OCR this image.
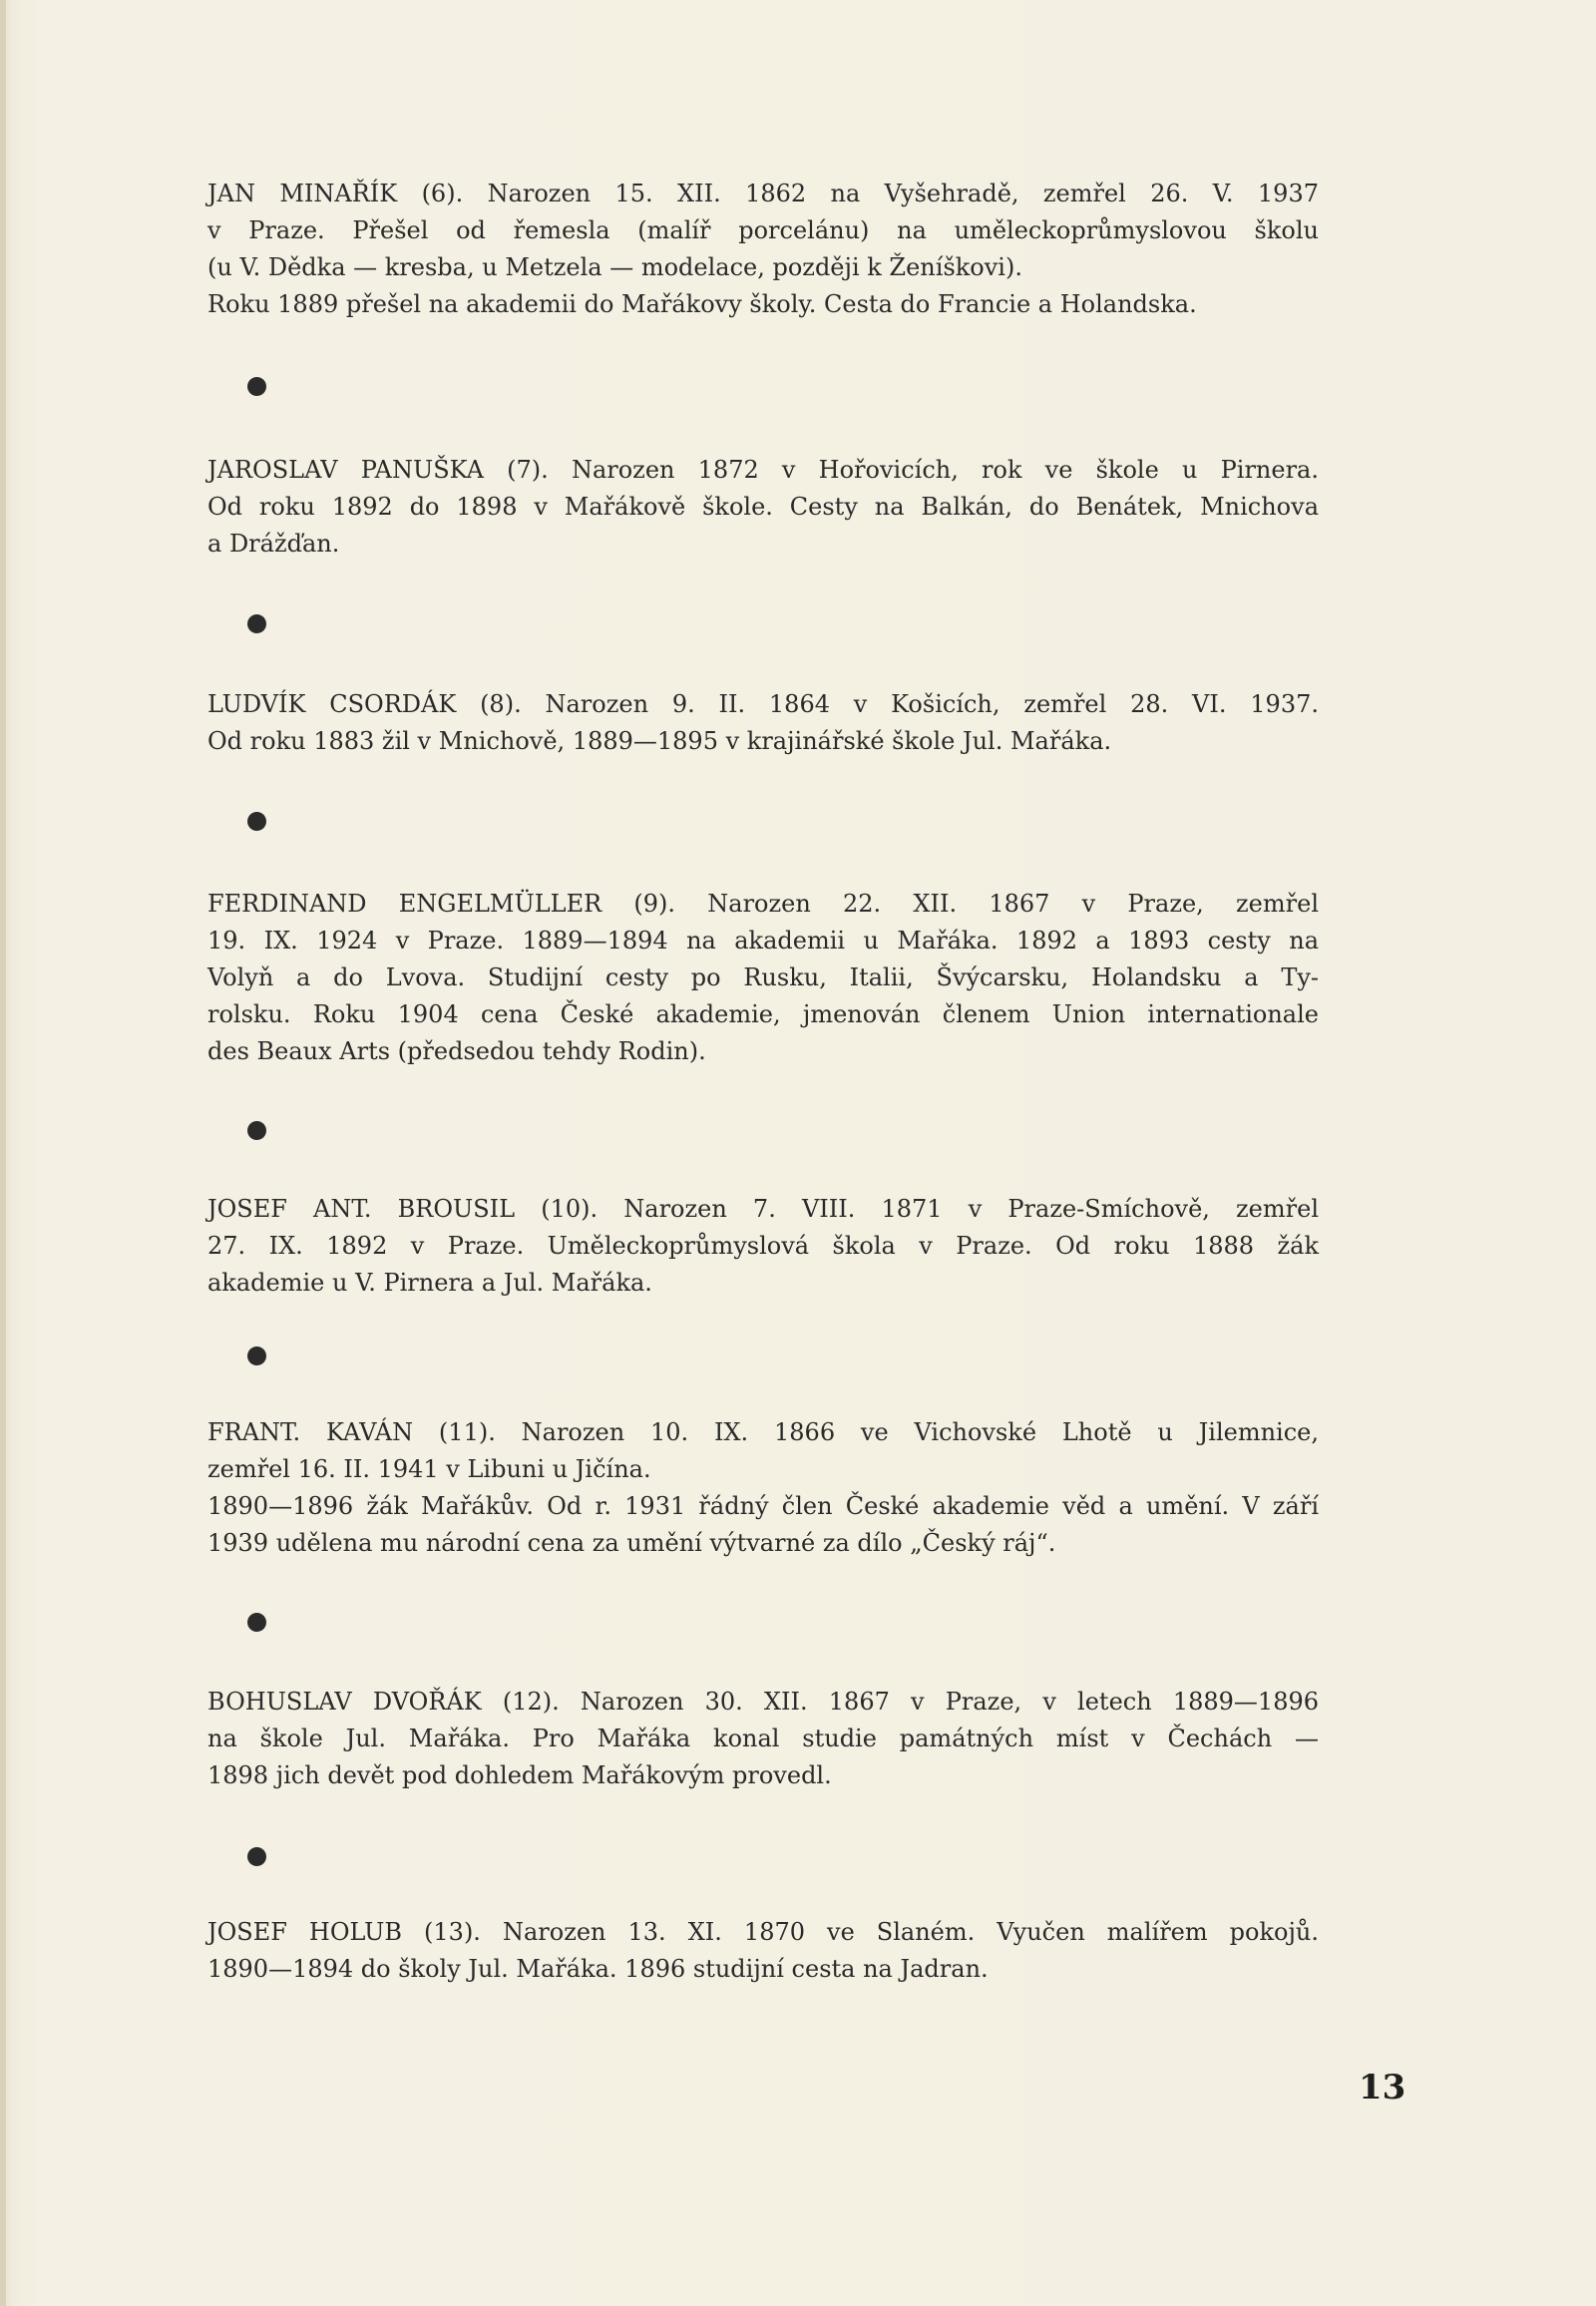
JAN MINAŘÍK (6). Narozen 15. XII. 1862 na Vyšehradě, zemřel 26. V. 1937
v Praze. Přešel od řemesla (malíř porcelánu) na uměleckoprůmyslovou školu
(u V. Dědka — kresba, u Metzela — modelace, později k Ženíškovi).
Roku 1889 přešel na akademii do Mařákovy školy. Cesta do Francie a Holandska.

JAROSLAV PANUŠKA (7). Narozen 1872 v Hořovicích, rok ve škole u Pirnera.
Od roku 1892 do 1898 v Mařákově škole. Cesty na Balkán, do Benátek, Mnichova
a Drážďan.

LUDVÍK CSORDÁK (8). Narozen 9. II. 1864 v Košicích, zemřel 28. VI. 1937.
Od roku 1883 žil v Mnichově, 1889—1895 v krajinářské škole Jul. Mařáka.

FERDINAND ENGELMÜLLER (9). Narozen 22. XII. 1867 v Praze, zemřel
19. IX. 1924 v Praze. 1889—1894 na akademii u Mařáka. 1892 a 1893 cesty na
Volyň a do Lvova. Studijní cesty po Rusku, Italii, Švýcarsku, Holandsku a Ty-
rolsku. Roku 1904 cena České akademie, jmenován členem Union internationale
des Beaux Arts (předsedou tehdy Rodin).

JOSEF ANT. BROUSIL (10). Narozen 7. VIII. 1871 v Praze-Smíchově, zemřel
27. IX. 1892 v Praze. Uměleckoprůmyslová škola v Praze. Od roku 1888 žák
akademie u V. Pirnera a Jul. Mařáka.

FRANT. KAVÁN (11). Narozen 10. IX. 1866 ve Vichovské Lhotě u Jilemnice,
zemřel 16. II. 1941 v Libuni u Jičína.
1890—1896 žák Mařákův. Od r. 1931 řádný člen České akademie věd a umění. V září
1939 udělena mu národní cena za umění výtvarné za dílo „Český ráj“.

BOHUSLAV DVOŘÁK (12). Narozen 30. XII. 1867 v Praze, v letech 1889—1896
na škole Jul. Mařáka. Pro Mařáka konal studie památných míst v Čechách —
1898 jich devět pod dohledem Mařákovým provedl.

JOSEF HOLUB (13). Narozen 13. XI. 1870 ve Slaném. Vyučen malířem pokojů.
1890—1894 do školy Jul. Mařáka. 1896 studijní cesta na Jadran.

13
